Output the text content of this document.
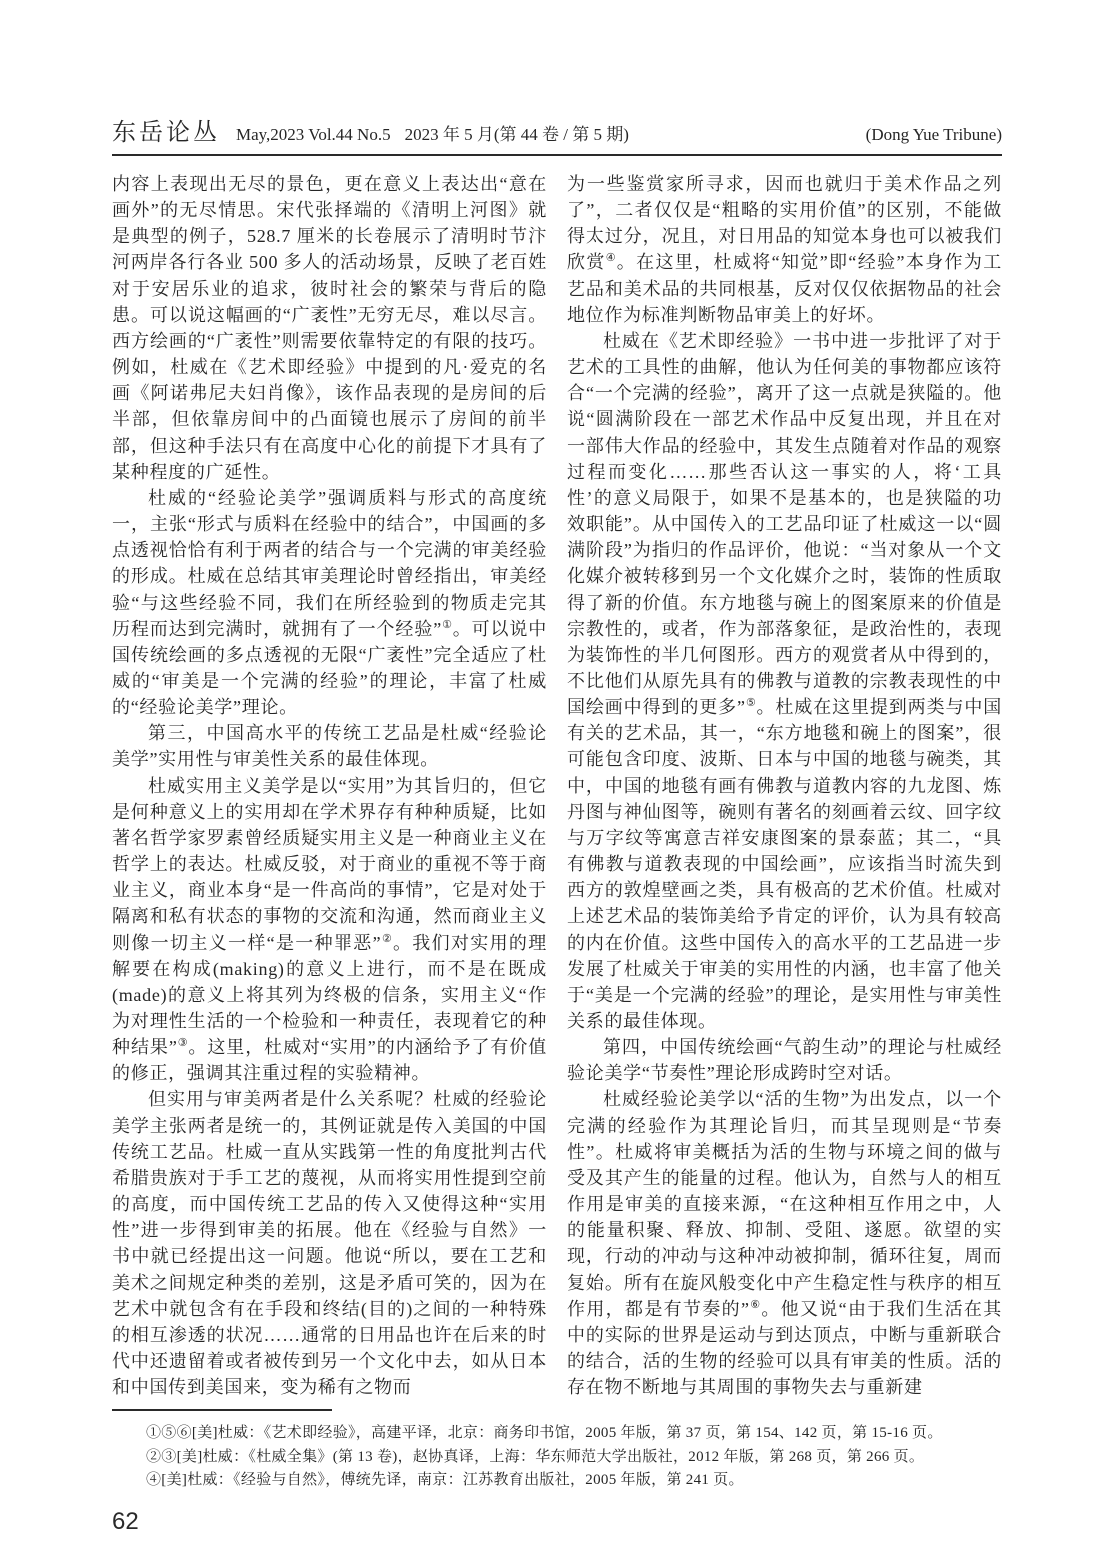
东岳论丛 May,2023 Vol.44 No.5 2023 年 5 月(第 44 卷 / 第 5 期)	(Dong Yue Tribune)

内容上表现出无尽的景色，更在意义上表达出“意在画外”的无尽情思。宋代张择端的《清明上河图》就是典型的例子，528.7 厘米的长卷展示了清明时节汴河两岸各行各业 500 多人的活动场景，反映了老百姓对于安居乐业的追求，彼时社会的繁荣与背后的隐患。可以说这幅画的“广袤性”无穷无尽，难以尽言。西方绘画的“广袤性”则需要依靠特定的有限的技巧。例如，杜威在《艺术即经验》中提到的凡·爱克的名画《阿诺弗尼夫妇肖像》，该作品表现的是房间的后半部，但依靠房间中的凸面镜也展示了房间的前半部，但这种手法只有在高度中心化的前提下才具有了某种程度的广延性。

杜威的“经验论美学”强调质料与形式的高度统一，主张“形式与质料在经验中的结合”，中国画的多点透视恰恰有利于两者的结合与一个完满的审美经验的形成。杜威在总结其审美理论时曾经指出，审美经验“与这些经验不同，我们在所经验到的物质走完其历程而达到完满时，就拥有了一个经验”①。可以说中国传统绘画的多点透视的无限“广袤性”完全适应了杜威的“审美是一个完满的经验”的理论，丰富了杜威的“经验论美学”理论。

第三，中国高水平的传统工艺品是杜威“经验论美学”实用性与审美性关系的最佳体现。

杜威实用主义美学是以“实用”为其旨归的，但它是何种意义上的实用却在学术界存有种种质疑，比如著名哲学家罗素曾经质疑实用主义是一种商业主义在哲学上的表达。杜威反驳，对于商业的重视不等于商业主义，商业本身“是一件高尚的事情”，它是对处于隔离和私有状态的事物的交流和沟通，然而商业主义则像一切主义一样“是一种罪恶”②。我们对实用的理解要在构成(making)的意义上进行，而不是在既成(made)的意义上将其列为终极的信条，实用主义“作为对理性生活的一个检验和一种责任，表现着它的种种结果”③。这里，杜威对“实用”的内涵给予了有价值的修正，强调其注重过程的实验精神。

但实用与审美两者是什么关系呢？杜威的经验论美学主张两者是统一的，其例证就是传入美国的中国传统工艺品。杜威一直从实践第一性的角度批判古代希腊贵族对于手工艺的蔑视，从而将实用性提到空前的高度，而中国传统工艺品的传入又使得这种“实用性”进一步得到审美的拓展。他在《经验与自然》一书中就已经提出这一问题。他说“所以，要在工艺和美术之间规定种类的差别，这是矛盾可笑的，因为在艺术中就包含有在手段和终结(目的)之间的一种特殊的相互渗透的状况……通常的日用品也许在后来的时代中还遗留着或者被传到另一个文化中去，如从日本和中国传到美国来，变为稀有之物而

为一些鉴赏家所寻求，因而也就归于美术作品之列了”，二者仅仅是“粗略的实用价值”的区别，不能做得太过分，况且，对日用品的知觉本身也可以被我们欣赏④。在这里，杜威将“知觉”即“经验”本身作为工艺品和美术品的共同根基，反对仅仅依据物品的社会地位作为标准判断物品审美上的好坏。

杜威在《艺术即经验》一书中进一步批评了对于艺术的工具性的曲解，他认为任何美的事物都应该符合“一个完满的经验”，离开了这一点就是狭隘的。他说“圆满阶段在一部艺术作品中反复出现，并且在对一部伟大作品的经验中，其发生点随着对作品的观察过程而变化……那些否认这一事实的人，将‘工具性’的意义局限于，如果不是基本的，也是狭隘的功效职能”。从中国传入的工艺品印证了杜威这一以“圆满阶段”为指归的作品评价，他说：“当对象从一个文化媒介被转移到另一个文化媒介之时，装饰的性质取得了新的价值。东方地毯与碗上的图案原来的价值是宗教性的，或者，作为部落象征，是政治性的，表现为装饰性的半几何图形。西方的观赏者从中得到的，不比他们从原先具有的佛教与道教的宗教表现性的中国绘画中得到的更多”⑤。杜威在这里提到两类与中国有关的艺术品，其一，“东方地毯和碗上的图案”，很可能包含印度、波斯、日本与中国的地毯与碗类，其中，中国的地毯有画有佛教与道教内容的九龙图、炼丹图与神仙图等，碗则有著名的刻画着云纹、回字纹与万字纹等寓意吉祥安康图案的景泰蓝；其二，“具有佛教与道教表现的中国绘画”，应该指当时流失到西方的敦煌壁画之类，具有极高的艺术价值。杜威对上述艺术品的装饰美给予肯定的评价，认为具有较高的内在价值。这些中国传入的高水平的工艺品进一步发展了杜威关于审美的实用性的内涵，也丰富了他关于“美是一个完满的经验”的理论，是实用性与审美性关系的最佳体现。

第四，中国传统绘画“气韵生动”的理论与杜威经验论美学“节奏性”理论形成跨时空对话。

杜威经验论美学以“活的生物”为出发点，以一个完满的经验作为其理论旨归，而其呈现则是“节奏性”。杜威将审美概括为活的生物与环境之间的做与受及其产生的能量的过程。他认为，自然与人的相互作用是审美的直接来源，“在这种相互作用之中，人的能量积聚、释放、抑制、受阻、遂愿。欲望的实现，行动的冲动与这种冲动被抑制，循环往复，周而复始。所有在旋风般变化中产生稳定性与秩序的相互作用，都是有节奏的”⑥。他又说“由于我们生活在其中的实际的世界是运动与到达顶点，中断与重新联合的结合，活的生物的经验可以具有审美的性质。活的存在物不断地与其周围的事物失去与重新建

①⑤⑥[美]杜威：《艺术即经验》，高建平译，北京：商务印书馆，2005 年版，第 37 页，第 154、142 页，第 15-16 页。

②③[美]杜威：《杜威全集》(第 13 卷)，赵协真译，上海：华东师范大学出版社，2012 年版，第 268 页，第 266 页。

④[美]杜威：《经验与自然》，傅统先译，南京：江苏教育出版社，2005 年版，第 241 页。

62
